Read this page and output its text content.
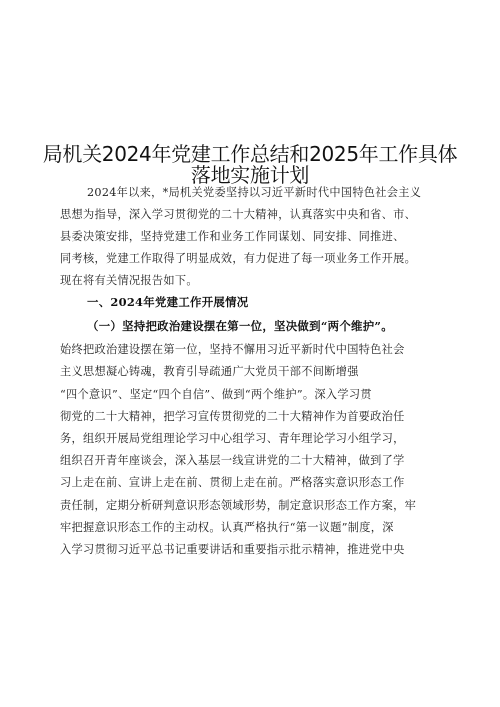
局机关2024年党建工作总结和2025年工作具体
落地实施计划
2024年以来，*局机关党委坚持以习近平新时代中国特色社会主义
思想为指导，深入学习贯彻党的二十大精神，认真落实中央和省、市、
县委决策安排，坚持党建工作和业务工作同谋划、同安排、同推进、
同考核，党建工作取得了明显成效，有力促进了每一项业务工作开展。
现在将有关情况报告如下。
一、2024年党建工作开展情况
（一）坚持把政治建设摆在第一位，坚决做到“两个维护”。
始终把政治建设摆在第一位，坚持不懈用习近平新时代中国特色社会
主义思想凝心铸魂，教育引导疏通广大党员干部不间断增强
“四个意识”、坚定“四个自信”、做到“两个维护”。深入学习贯
彻党的二十大精神，把学习宣传贯彻党的二十大精神作为首要政治任
务，组织开展局党组理论学习中心组学习、青年理论学习小组学习，
组织召开青年座谈会，深入基层一线宣讲党的二十大精神，做到了学
习上走在前、宣讲上走在前、贯彻上走在前。严格落实意识形态工作
责任制，定期分析研判意识形态领域形势，制定意识形态工作方案，牢
牢把握意识形态工作的主动权。认真严格执行“第一议题”制度，深
入学习贯彻习近平总书记重要讲话和重要指示批示精神，推进党中央
